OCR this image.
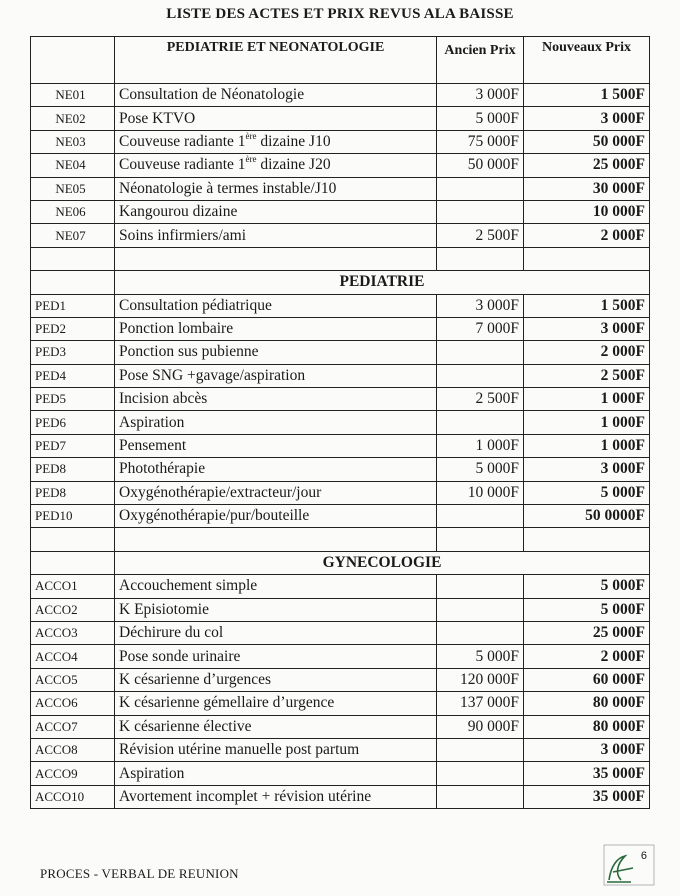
LISTE DES ACTES ET PRIX REVUS ALA BAISSE
	PEDIATRIE ET NEONATOLOGIE	Ancien Prix	Nouveaux Prix
NE01	Consultation de Néonatologie	3 000F	1 500F
NE02	Pose KTVO	5 000F	3 000F
NE03	Couveuse radiante 1ère dizaine J10	75 000F	50 000F
NE04	Couveuse radiante 1ère dizaine J20	50 000F	25 000F
NE05	Néonatologie à termes instable/J10		30 000F
NE06	Kangourou dizaine		10 000F
NE07	Soins infirmiers/ami	2 500F	2 000F

	PEDIATRIE		
PED1	Consultation pédiatrique	3 000F	1 500F
PED2	Ponction lombaire	7 000F	3 000F
PED3	Ponction sus pubienne		2 000F
PED4	Pose SNG +gavage/aspiration		2 500F
PED5	Incision abcès	2 500F	1 000F
PED6	Aspiration		1 000F
PED7	Pensement	1 000F	1 000F
PED8	Photothérapie	5 000F	3 000F
PED8	Oxygénothérapie/extracteur/jour	10 000F	5 000F
PED10	Oxygénothérapie/pur/bouteille		50 0000F

	GYNECOLOGIE		
ACCO1	Accouchement simple		5 000F
ACCO2	K Episiotomie		5 000F
ACCO3	Déchirure du col		25 000F
ACCO4	Pose sonde urinaire	5 000F	2 000F
ACCO5	K césarienne d’urgences	120 000F	60 000F
ACCO6	K césarienne gémellaire d’urgence	137 000F	80 000F
ACCO7	K césarienne élective	90 000F	80 000F
ACCO8	Révision utérine manuelle post partum		3 000F
ACCO9	Aspiration		35 000F
ACCO10	Avortement incomplet + révision utérine		35 000F
PROCES - VERBAL DE REUNION
6
